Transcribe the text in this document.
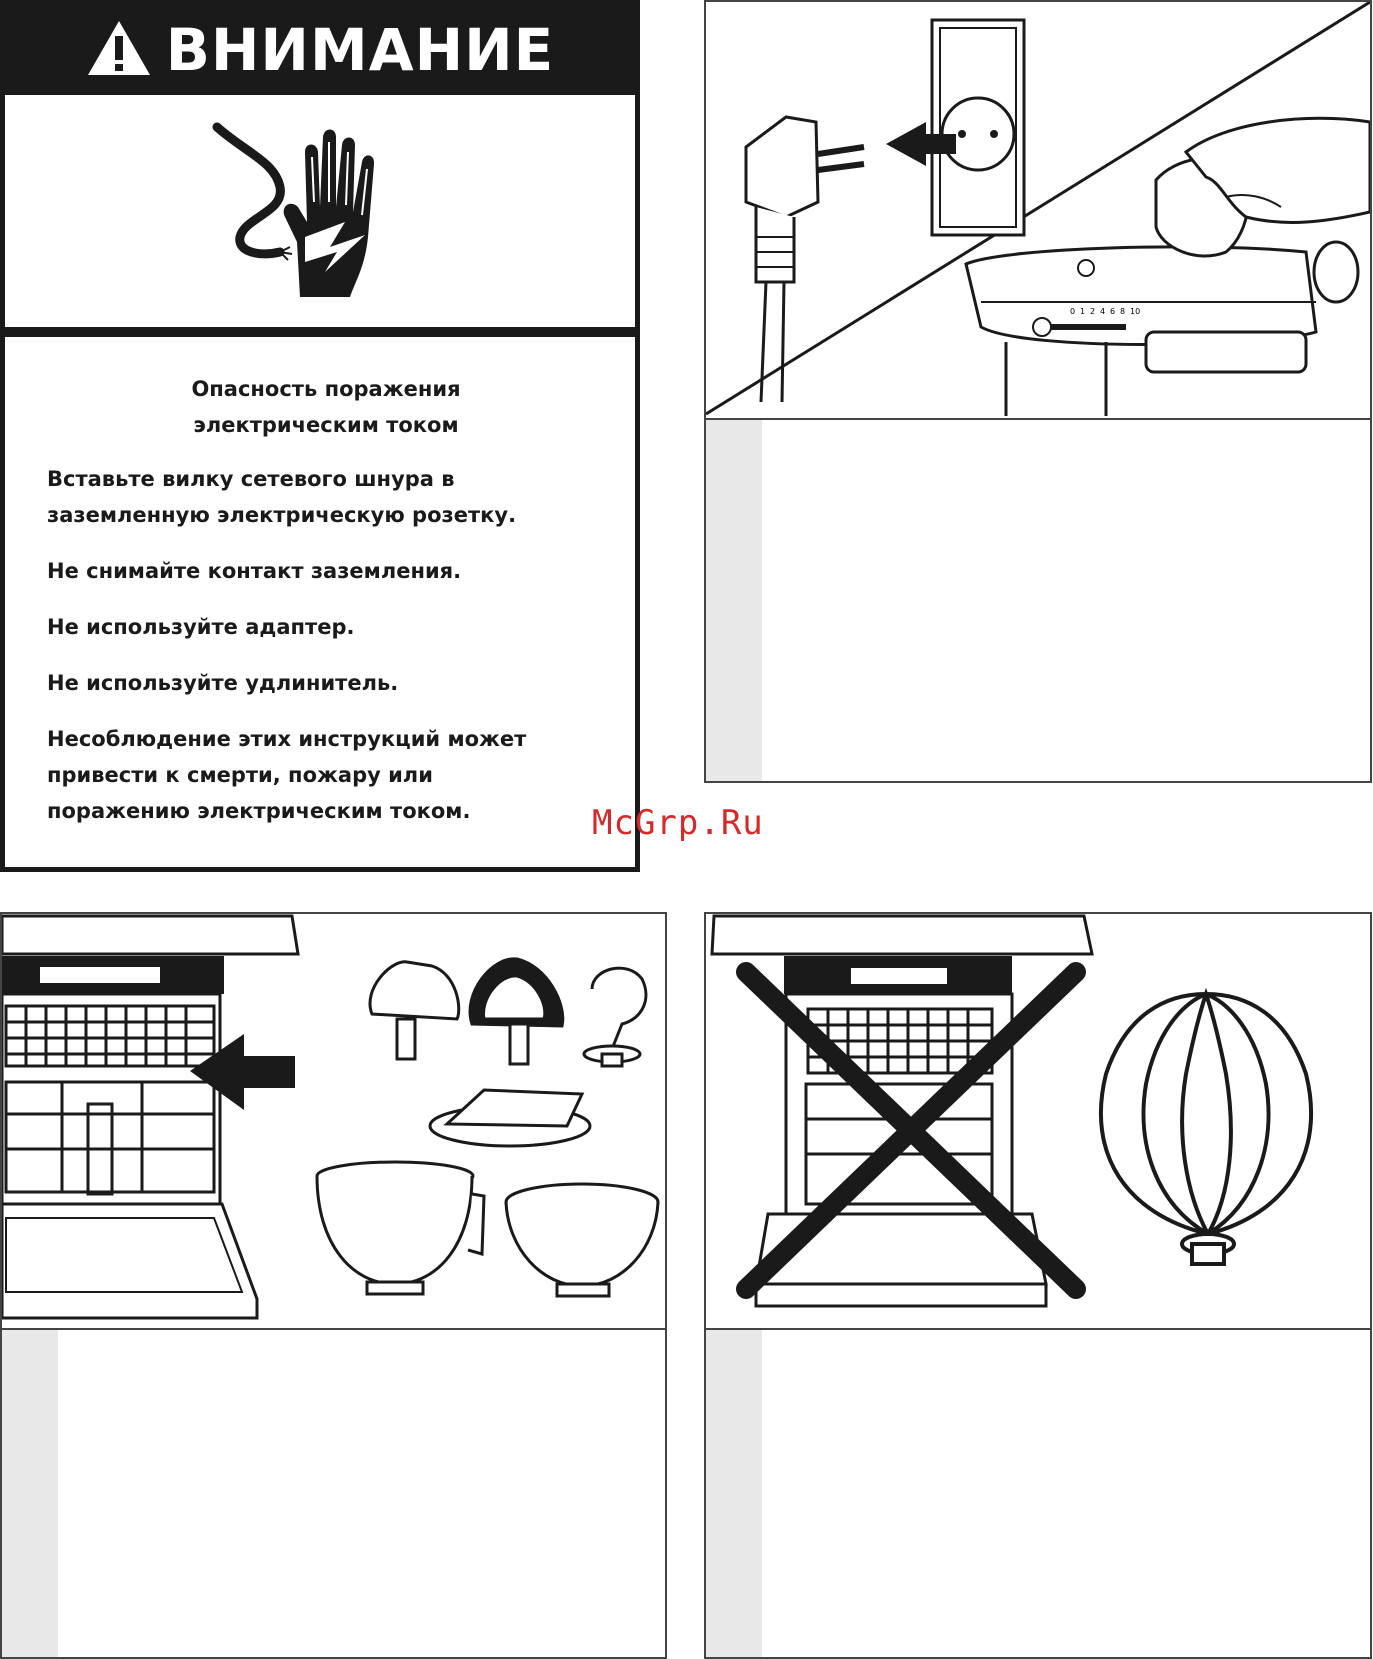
ВНИМАНИЕ

Опасность поражения
электрическим током

Вставьте вилку сетевого шнура в заземленную электрическую розетку.

Не снимайте контакт заземления.

Не используйте адаптер.

Не используйте удлинитель.

Несоблюдение этих инструкций может привести к смерти, пожару или поражению электрическим током.	McGrp.Ru
0 1 2 4 6 8 10
